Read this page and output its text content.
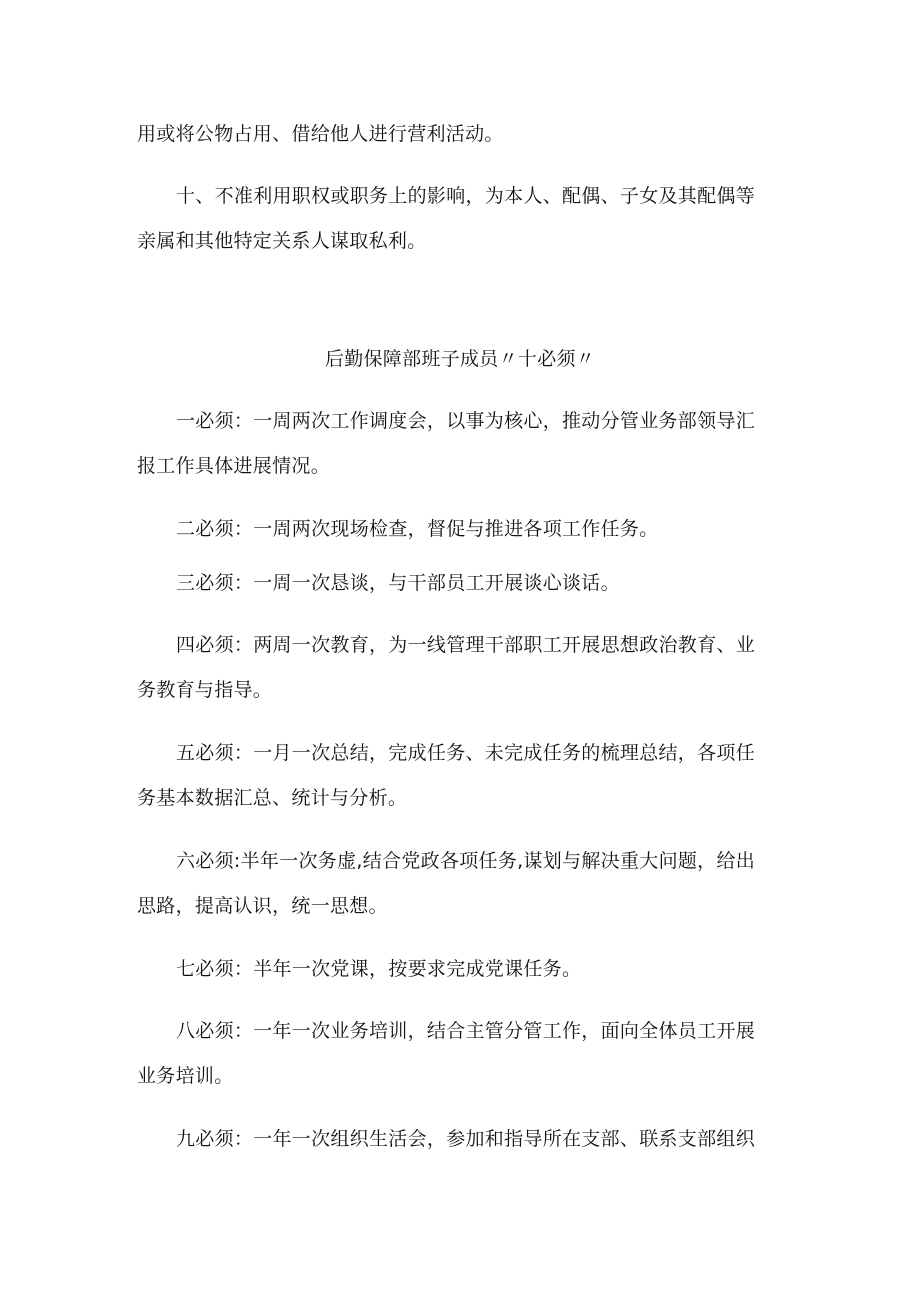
用或将公物占用、借给他人进行营利活动。
十、不准利用职权或职务上的影响，为本人、配偶、子女及其配偶等
亲属和其他特定关系人谋取私利。
后勤保障部班子成员〃十必须〃
一必须：一周两次工作调度会，以事为核心，推动分管业务部领导汇
报工作具体进展情况。
二必须：一周两次现场检查，督促与推进各项工作任务。
三必须：一周一次恳谈，与干部员工开展谈心谈话。
四必须：两周一次教育，为一线管理干部职工开展思想政治教育、业
务教育与指导。
五必须：一月一次总结，完成任务、未完成任务的梳理总结，各项任
务基本数据汇总、统计与分析。
六必须:半年一次务虚,结合党政各项任务,谋划与解决重大问题，给出
思路，提高认识，统一思想。
七必须：半年一次党课，按要求完成党课任务。
八必须：一年一次业务培训，结合主管分管工作，面向全体员工开展
业务培训。
九必须：一年一次组织生活会，参加和指导所在支部、联系支部组织
